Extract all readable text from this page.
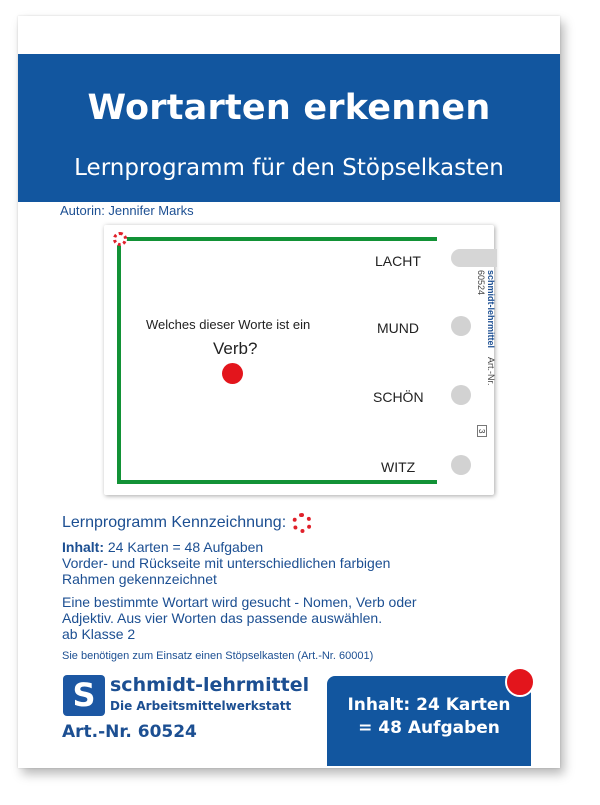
Wortarten erkennen
Lernprogramm für den Stöpselkasten
Autorin: Jennifer Marks
Welches dieser Worte ist ein
Verb?
LACHT
MUND
SCHÖN
WITZ
schmidt-lehrmittel Art.-Nr. 60524
3
Lernprogramm Kennzeichnung:
Inhalt: 24 Karten = 48 Aufgaben
Vorder- und Rückseite mit unterschiedlichen farbigen
Rahmen gekennzeichnet
Eine bestimmte Wortart wird gesucht - Nomen, Verb oder
Adjektiv. Aus vier Worten das passende auswählen.
ab Klasse 2
Sie benötigen zum Einsatz einen Stöpselkasten (Art.-Nr. 60001)
S schmidt-lehrmittel
Die Arbeitsmittelwerkstatt
Art.-Nr. 60524
Inhalt: 24 Karten
= 48 Aufgaben
